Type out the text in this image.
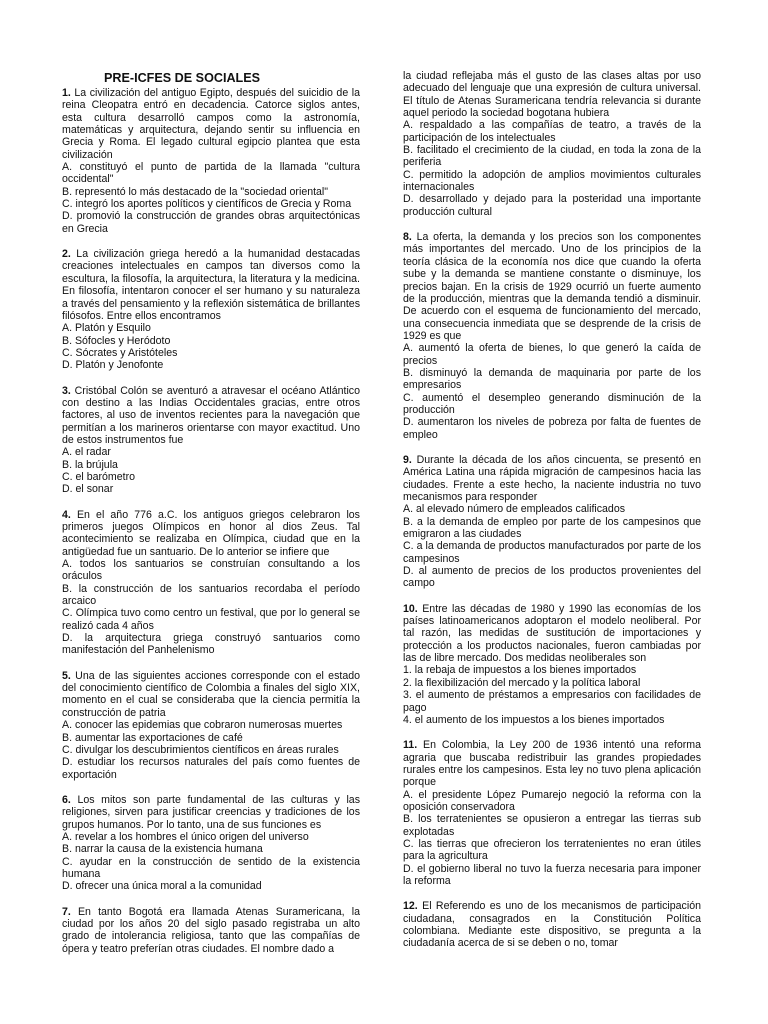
PRE-ICFES DE SOCIALES

1. La civilización del antiguo Egipto, después del suicidio de la reina Cleopatra entró en decadencia. Catorce siglos antes, esta cultura desarrolló campos como la astronomía, matemáticas y arquitectura, dejando sentir su influencia en Grecia y Roma. El legado cultural egipcio plantea que esta civilización

A. constituyó el punto de partida de la llamada "cultura occidental"

B. representó lo más destacado de la "sociedad oriental"

C. integró los aportes políticos y científicos de Grecia y Roma

D. promovió la construcción de grandes obras arquitectónicas en Grecia

2. La civilización griega heredó a la humanidad destacadas creaciones intelectuales en campos tan diversos como la escultura, la filosofía, la arquitectura, la literatura y la medicina. En filosofía, intentaron conocer el ser humano y su naturaleza a través del pensamiento y la reflexión sistemática de brillantes filósofos. Entre ellos encontramos

A. Platón y Esquilo

B. Sófocles y Heródoto

C. Sócrates y Aristóteles

D. Platón y Jenofonte

3. Cristóbal Colón se aventuró a atravesar el océano Atlántico con destino a las Indias Occidentales gracias, entre otros factores, al uso de inventos recientes para la navegación que permitían a los marineros orientarse con mayor exactitud. Uno de estos instrumentos fue

A. el radar

B. la brújula

C. el barómetro

D. el sonar

4. En el año 776 a.C. los antiguos griegos celebraron los primeros juegos Olímpicos en honor al dios Zeus. Tal acontecimiento se realizaba en Olímpica, ciudad que en la antigüedad fue un santuario. De lo anterior se infiere que

A. todos los santuarios se construían consultando a los oráculos

B. la construcción de los santuarios recordaba el período arcaico

C. Olímpica tuvo como centro un festival, que por lo general se realizó cada 4 años

D. la arquitectura griega construyó santuarios como manifestación del Panhelenismo

5. Una de las siguientes acciones corresponde con el estado del conocimiento científico de Colombia a finales del siglo XIX, momento en el cual se consideraba que la ciencia permitía la construcción de patria

A. conocer las epidemias que cobraron numerosas muertes

B. aumentar las exportaciones de café

C. divulgar los descubrimientos científicos en áreas rurales

D. estudiar los recursos naturales del país como fuentes de exportación

6. Los mitos son parte fundamental de las culturas y las religiones, sirven para justificar creencias y tradiciones de los grupos humanos. Por lo tanto, una de sus funciones es

A. revelar a los hombres el único origen del universo

B. narrar la causa de la existencia humana

C. ayudar en la construcción de sentido de la existencia humana

D. ofrecer una única moral a la comunidad

7. En tanto Bogotá era llamada Atenas Suramericana, la ciudad por los años 20 del siglo pasado registraba un alto grado de intolerancia religiosa, tanto que las compañías de ópera y teatro preferían otras ciudades. El nombre dado a

la ciudad reflejaba más el gusto de las clases altas por uso adecuado del lenguaje que una expresión de cultura universal. El título de Atenas Suramericana tendría relevancia si durante aquel periodo la sociedad bogotana hubiera

A. respaldado a las compañías de teatro, a través de la participación de los intelectuales

B. facilitado el crecimiento de la ciudad, en toda la zona de la periferia

C. permitido la adopción de amplios movimientos culturales internacionales

D. desarrollado y dejado para la posteridad una importante producción cultural

8. La oferta, la demanda y los precios son los componentes más importantes del mercado. Uno de los principios de la teoría clásica de la economía nos dice que cuando la oferta sube y la demanda se mantiene constante o disminuye, los precios bajan. En la crisis de 1929 ocurrió un fuerte aumento de la producción, mientras que la demanda tendió a disminuir. De acuerdo con el esquema de funcionamiento del mercado, una consecuencia inmediata que se desprende de la crisis de 1929 es que

A. aumentó la oferta de bienes, lo que generó la caída de precios

B. disminuyó la demanda de maquinaria por parte de los empresarios

C. aumentó el desempleo generando disminución de la producción

D. aumentaron los niveles de pobreza por falta de fuentes de empleo

9. Durante la década de los años cincuenta, se presentó en América Latina una rápida migración de campesinos hacia las ciudades. Frente a este hecho, la naciente industria no tuvo mecanismos para responder

A. al elevado número de empleados calificados

B. a la demanda de empleo por parte de los campesinos que emigraron a las ciudades

C. a la demanda de productos manufacturados por parte de los campesinos

D. al aumento de precios de los productos provenientes del campo

10. Entre las décadas de 1980 y 1990 las economías de los países latinoamericanos adoptaron el modelo neoliberal. Por tal razón, las medidas de sustitución de importaciones y protección a los productos nacionales, fueron cambiadas por las de libre mercado. Dos medidas neoliberales son

1. la rebaja de impuestos a los bienes importados

2. la flexibilización del mercado y la política laboral

3. el aumento de préstamos a empresarios con facilidades de pago

4. el aumento de los impuestos a los bienes importados

11. En Colombia, la Ley 200 de 1936 intentó una reforma agraria que buscaba redistribuir las grandes propiedades rurales entre los campesinos. Esta ley no tuvo plena aplicación porque

A. el presidente López Pumarejo negoció la reforma con la oposición conservadora

B. los terratenientes se opusieron a entregar las tierras sub explotadas

C. las tierras que ofrecieron los terratenientes no eran útiles para la agricultura

D. el gobierno liberal no tuvo la fuerza necesaria para imponer la reforma

12. El Referendo es uno de los mecanismos de participación ciudadana, consagrados en la Constitución Política colombiana. Mediante este dispositivo, se pregunta a la ciudadanía acerca de si se deben o no, tomar
